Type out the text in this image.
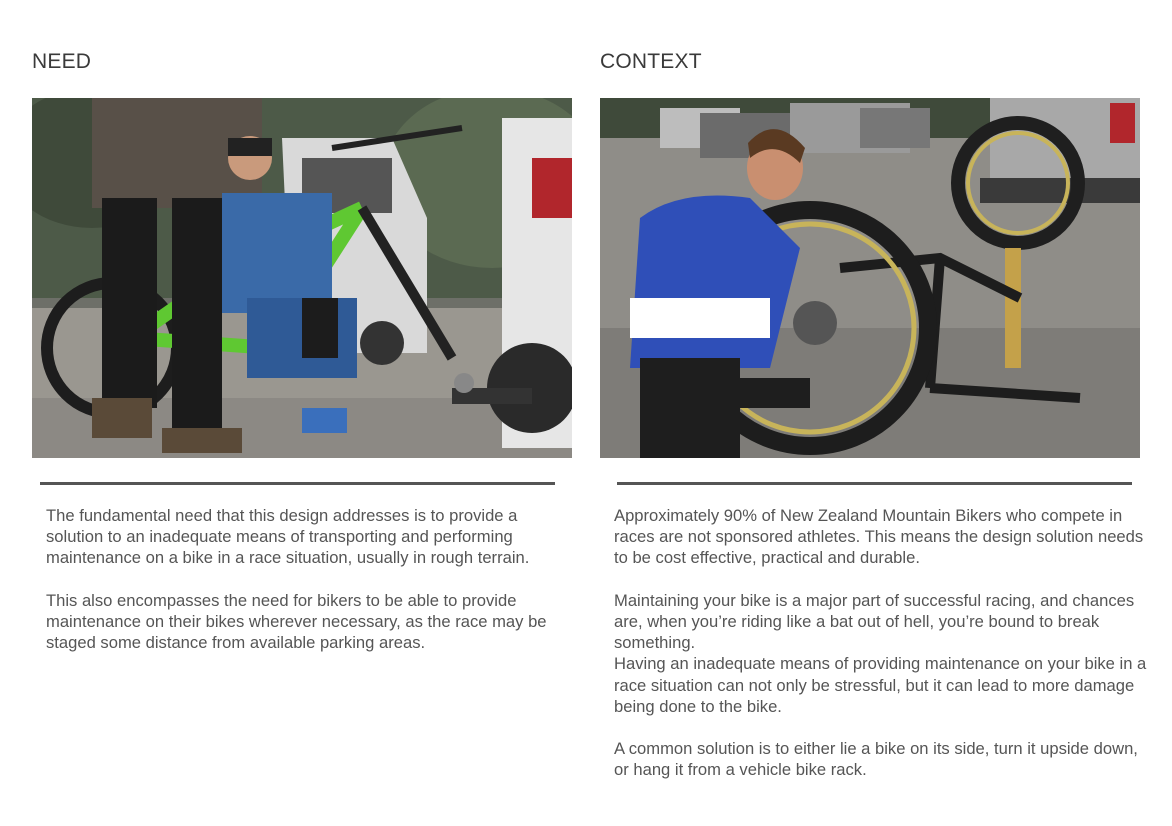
NEED

The fundamental need that this design addresses is to provide a solution to an inadequate means of transporting and performing maintenance on a bike in a race situation, usually in rough terrain.

This also encompasses the need for bikers to be able to provide maintenance on their bikes wherever necessary, as the race may be staged some distance from available parking areas.

CONTEXT

Approximately 90% of New Zealand Mountain Bikers who compete in races are not sponsored athletes. This means the design solution needs to be cost effective, practical and durable.

Maintaining your bike is a major part of successful racing, and chances are, when you’re riding like a bat out of hell, you’re bound to break something.

Having an inadequate means of providing maintenance on your bike in a race situation can not only be stressful, but it can lead to more damage being done to the bike.

A common solution is to either lie a bike on its side, turn it upside down, or hang it from a vehicle bike rack.
